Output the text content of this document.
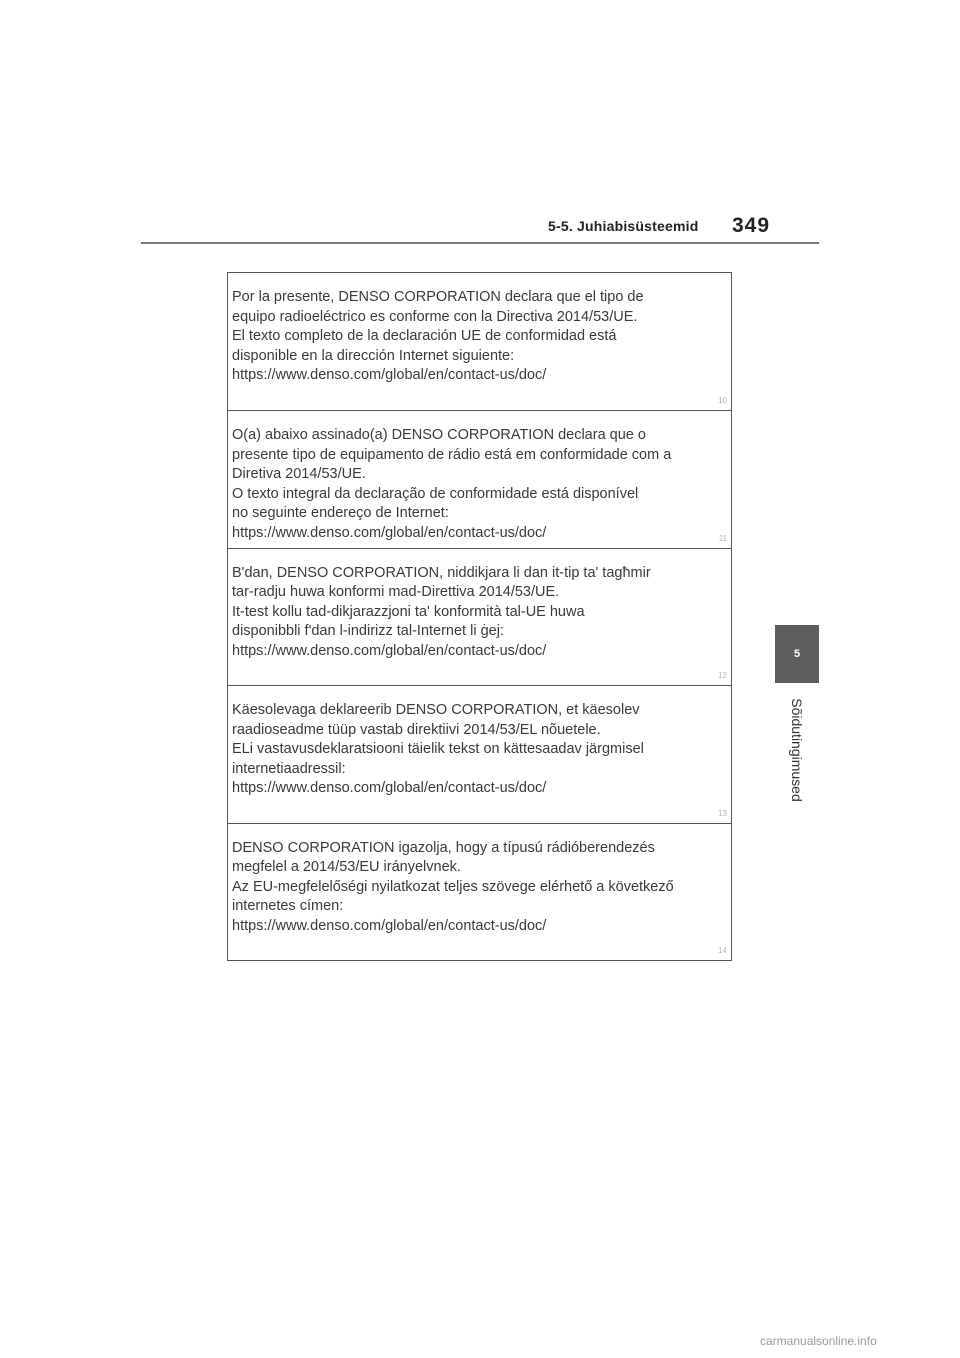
5-5. Juhiabisüsteemid 349
5
Sõidutingimused
Por la presente, DENSO CORPORATION declara que el tipo de
equipo radioeléctrico es conforme con la Directiva 2014/53/UE.
El texto completo de la declaración UE de conformidad está
disponible en la dirección Internet siguiente:
https://www.denso.com/global/en/contact-us/doc/
10
O(a) abaixo assinado(a) DENSO CORPORATION declara que o
presente tipo de equipamento de rádio está em conformidade com a
Diretiva 2014/53/UE.
O texto integral da declaração de conformidade está disponível
no seguinte endereço de Internet:
https://www.denso.com/global/en/contact-us/doc/	11
B'dan, DENSO CORPORATION, niddikjara li dan it-tip ta' tagħmir
tar-radju huwa konformi mad-Direttiva 2014/53/UE.
It-test kollu tad-dikjarazzjoni ta' konformità tal-UE huwa
disponibbli f'dan l-indirizz tal-Internet li ġej:
https://www.denso.com/global/en/contact-us/doc/
12
Käesolevaga deklareerib DENSO CORPORATION, et käesolev
raadioseadme tüüp vastab direktiivi 2014/53/EL nõuetele.
ELi vastavusdeklaratsiooni täielik tekst on kättesaadav järgmisel
internetiaadressil:
https://www.denso.com/global/en/contact-us/doc/
13
DENSO CORPORATION igazolja, hogy a típusú rádióberendezés
megfelel a 2014/53/EU irányelvnek.
Az EU-megfelelőségi nyilatkozat teljes szövege elérhető a következő
internetes címen:
https://www.denso.com/global/en/contact-us/doc/
14
carmanualsonline.info
